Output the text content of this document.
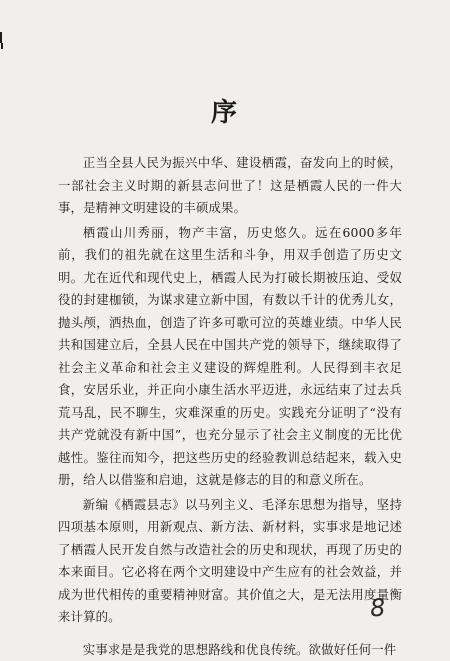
序

正当全县人民为振兴中华、建设栖霞，奋发向上的时候，一部社会主义时期的新县志问世了！这是栖霞人民的一件大事，是精神文明建设的丰硕成果。

栖霞山川秀丽，物产丰富，历史悠久。远在6000多年前，我们的祖先就在这里生活和斗争，用双手创造了历史文明。尤在近代和现代史上，栖霞人民为打破长期被压迫、受奴役的封建枷锁，为谋求建立新中国，有数以千计的优秀儿女，抛头颅，洒热血，创造了许多可歌可泣的英雄业绩。中华人民共和国建立后，全县人民在中国共产党的领导下，继续取得了社会主义革命和社会主义建设的辉煌胜利。人民得到丰衣足食，安居乐业，并正向小康生活水平迈进，永远结束了过去兵荒马乱，民不聊生，灾难深重的历史。实践充分证明了“没有共产党就没有新中国”，也充分显示了社会主义制度的无比优越性。鉴往而知今，把这些历史的经验教训总结起来，载入史册，给人以借鉴和启迪，这就是修志的目的和意义所在。

新编《栖霞县志》以马列主义、毛泽东思想为指导，坚持四项基本原则，用新观点、新方法、新材料，实事求是地记述了栖霞人民开发自然与改造社会的历史和现状，再现了历史的本来面目。它必将在两个文明建设中产生应有的社会效益，并成为世代相传的重要精神财富。其价值之大，是无法用度量衡来计算的。

实事求是是我党的思想路线和优良传统。欲做好任何一件

8
